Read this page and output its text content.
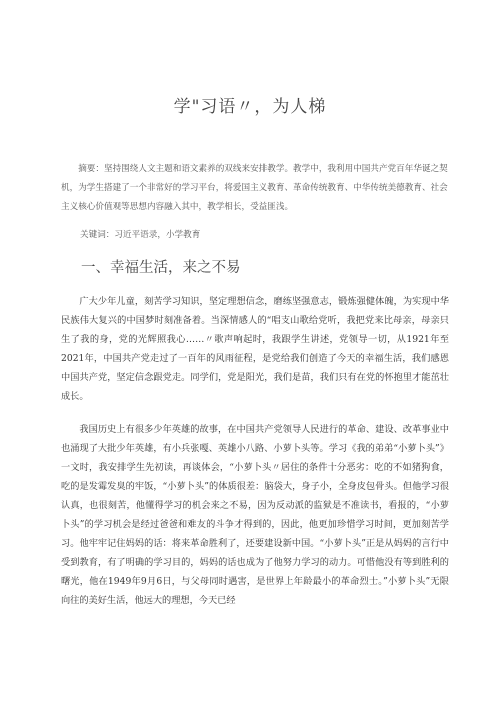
学"习语〃，为人梯
摘要：坚持围绕人文主题和语文素养的双线来安排教学。教学中，我利用中国共产党百年华诞之契机，为学生搭建了一个非常好的学习平台，将爱国主义教育、革命传统教育、中华传统美德教育、社会主义核心价值观等思想内容融入其中，教学相长，受益匪浅。
关键词：习近平语录，小学教育
一、幸福生活，来之不易
广大少年儿童，刻苦学习知识，坚定理想信念，磨练坚强意志，锻炼强健体魄，为实现中华民族伟大复兴的中国梦时刻准备着。当深情感人的“唱支山歌给党听，我把党来比母亲，母亲只生了我的身，党的光辉照我心……〃歌声响起时，我跟学生讲述，党领导一切，从1921年至2021年，中国共产党走过了一百年的风雨征程，是党给我们创造了今天的幸福生活，我们感恩中国共产党，坚定信念跟党走。同学们，党是阳光，我们是苗，我们只有在党的怀抱里才能茁壮成长。
我国历史上有很多少年英雄的故事，在中国共产党领导人民进行的革命、建设、改革事业中也涌现了大批少年英雄，有小兵张嘎、英雄小八路、小萝卜头等。学习《我的弟弟“小萝卜头”》一文时，我安排学生先初读，再谈体会，“小萝卜头〃居住的条件十分恶劣：吃的不如猪狗食，吃的是发霉发臭的牢饭，“小萝卜头”的体质很差：脑袋大，身子小，全身皮包骨头。但他学习很认真，也很刻苦，他懂得学习的机会来之不易，因为反动派的监狱是不准读书，看报的，“小萝卜头”的学习机会是经过爸爸和难友的斗争才得到的，因此，他更加珍惜学习时间，更加刻苦学习。他牢牢记住妈妈的话：将来革命胜利了，还要建设新中国。“小萝卜头”正是从妈妈的言行中受到教育，有了明确的学习目的，妈妈的话也成为了他努力学习的动力。可惜他没有等到胜利的曙光，他在1949年9月6日，与父母同时遇害，是世界上年龄最小的革命烈士。”小萝卜头”无限向往的美好生活，他远大的理想，今天已经
